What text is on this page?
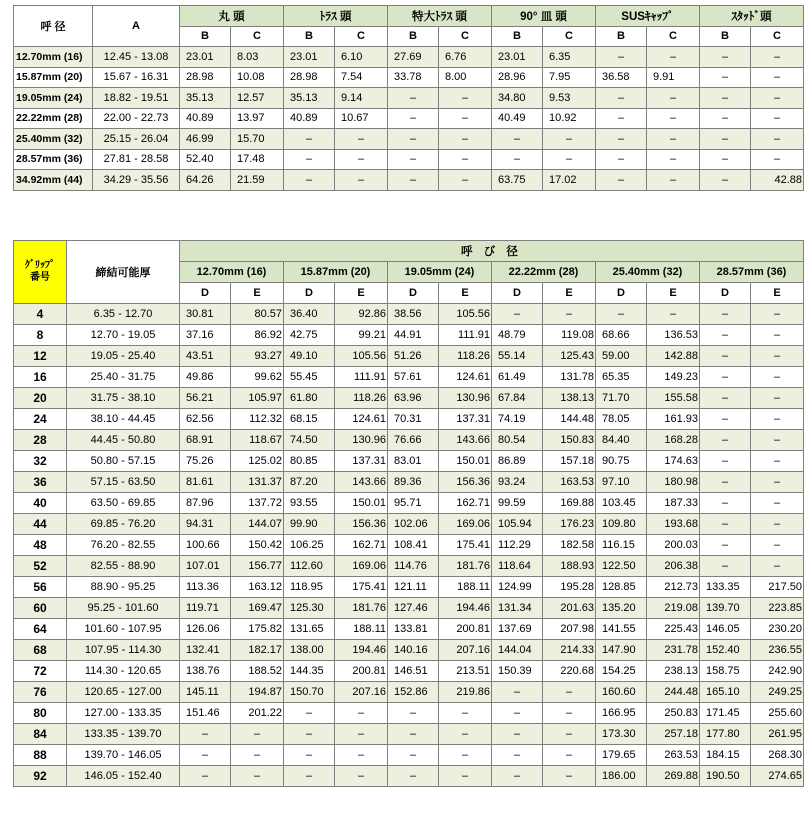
呼 径	A	丸 頭		ﾄﾗｽ 頭		特大ﾄﾗｽ 頭		90° 皿 頭		SUSｷｬｯﾌﾟ		ｽﾀｯﾄﾞ頭	
		B	C	B	C	B	C	B	C	B	C	B	C
12.70mm (16)	12.45 - 13.08	23.01	8.03	23.01	6.10	27.69	6.76	23.01	6.35	–	–	–	–
15.87mm (20)	15.67 - 16.31	28.98	10.08	28.98	7.54	33.78	8.00	28.96	7.95	36.58	9.91	–	–
19.05mm (24)	18.82 - 19.51	35.13	12.57	35.13	9.14	–	–	34.80	9.53	–	–	–	–
22.22mm (28)	22.00 - 22.73	40.89	13.97	40.89	10.67	–	–	40.49	10.92	–	–	–	–
25.40mm (32)	25.15 - 26.04	46.99	15.70	–	–	–	–	–	–	–	–	–	–
28.57mm (36)	27.81 - 28.58	52.40	17.48	–	–	–	–	–	–	–	–	–	–
34.92mm (44)	34.29 - 35.56	64.26	21.59	–	–	–	–	63.75	17.02	–	–	–	42.88
ｸﾞﾘｯﾌﾟ
番号	締結可能厚	呼 び 径											
		12.70mm (16)		15.87mm (20)		19.05mm (24)		22.22mm (28)		25.40mm (32)		28.57mm (36)	
		D	E	D	E	D	E	D	E	D	E	D	E
4	6.35 - 12.70	30.81	80.57	36.40	92.86	38.56	105.56	–	–	–	–	–	–
8	12.70 - 19.05	37.16	86.92	42.75	99.21	44.91	111.91	48.79	119.08	68.66	136.53	–	–
12	19.05 - 25.40	43.51	93.27	49.10	105.56	51.26	118.26	55.14	125.43	59.00	142.88	–	–
16	25.40 - 31.75	49.86	99.62	55.45	111.91	57.61	124.61	61.49	131.78	65.35	149.23	–	–
20	31.75 - 38.10	56.21	105.97	61.80	118.26	63.96	130.96	67.84	138.13	71.70	155.58	–	–
24	38.10 - 44.45	62.56	112.32	68.15	124.61	70.31	137.31	74.19	144.48	78.05	161.93	–	–
28	44.45 - 50.80	68.91	118.67	74.50	130.96	76.66	143.66	80.54	150.83	84.40	168.28	–	–
32	50.80 - 57.15	75.26	125.02	80.85	137.31	83.01	150.01	86.89	157.18	90.75	174.63	–	–
36	57.15 - 63.50	81.61	131.37	87.20	143.66	89.36	156.36	93.24	163.53	97.10	180.98	–	–
40	63.50 - 69.85	87.96	137.72	93.55	150.01	95.71	162.71	99.59	169.88	103.45	187.33	–	–
44	69.85 - 76.20	94.31	144.07	99.90	156.36	102.06	169.06	105.94	176.23	109.80	193.68	–	–
48	76.20 - 82.55	100.66	150.42	106.25	162.71	108.41	175.41	112.29	182.58	116.15	200.03	–	–
52	82.55 - 88.90	107.01	156.77	112.60	169.06	114.76	181.76	118.64	188.93	122.50	206.38	–	–
56	88.90 - 95.25	113.36	163.12	118.95	175.41	121.11	188.11	124.99	195.28	128.85	212.73	133.35	217.50
60	95.25 - 101.60	119.71	169.47	125.30	181.76	127.46	194.46	131.34	201.63	135.20	219.08	139.70	223.85
64	101.60 - 107.95	126.06	175.82	131.65	188.11	133.81	200.81	137.69	207.98	141.55	225.43	146.05	230.20
68	107.95 - 114.30	132.41	182.17	138.00	194.46	140.16	207.16	144.04	214.33	147.90	231.78	152.40	236.55
72	114.30 - 120.65	138.76	188.52	144.35	200.81	146.51	213.51	150.39	220.68	154.25	238.13	158.75	242.90
76	120.65 - 127.00	145.11	194.87	150.70	207.16	152.86	219.86	–	–	160.60	244.48	165.10	249.25
80	127.00 - 133.35	151.46	201.22	–	–	–	–	–	–	166.95	250.83	171.45	255.60
84	133.35 - 139.70	–	–	–	–	–	–	–	–	173.30	257.18	177.80	261.95
88	139.70 - 146.05	–	–	–	–	–	–	–	–	179.65	263.53	184.15	268.30
92	146.05 - 152.40	–	–	–	–	–	–	–	–	186.00	269.88	190.50	274.65
